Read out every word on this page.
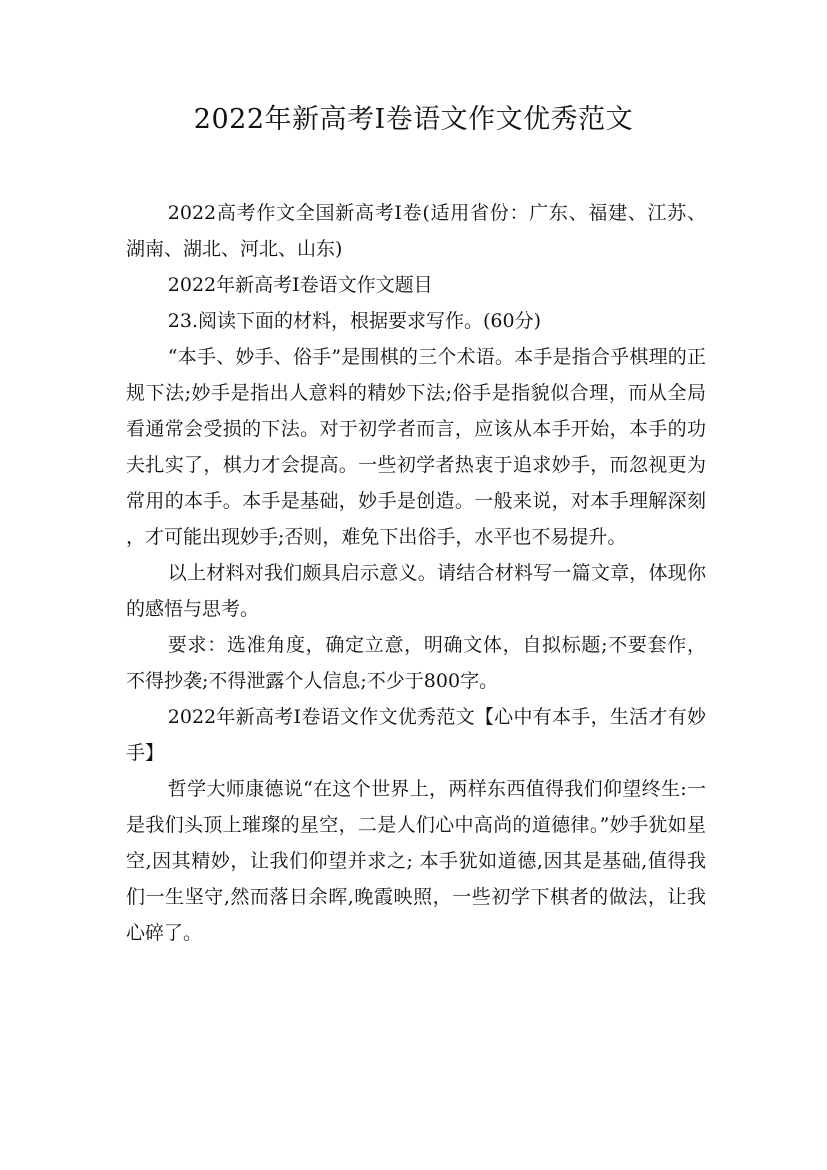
2022年新高考I卷语文作文优秀范文

2022高考作文全国新高考I卷(适用省份：广东、福建、江苏、湖南、湖北、河北、山东)

2022年新高考I卷语文作文题目

23.阅读下面的材料，根据要求写作。(60分)

“本手、妙手、俗手”是围棋的三个术语。本手是指合乎棋理的正规下法;妙手是指出人意料的精妙下法;俗手是指貌似合理，而从全局看通常会受损的下法。对于初学者而言，应该从本手开始，本手的功夫扎实了，棋力才会提高。一些初学者热衷于追求妙手，而忽视更为常用的本手。本手是基础，妙手是创造。一般来说，对本手理解深刻，才可能出现妙手;否则，难免下出俗手，水平也不易提升。

以上材料对我们颇具启示意义。请结合材料写一篇文章，体现你的感悟与思考。

要求：选准角度，确定立意，明确文体，自拟标题;不要套作，不得抄袭;不得泄露个人信息;不少于800字。

2022年新高考I卷语文作文优秀范文【心中有本手，生活才有妙手】

哲学大师康德说“在这个世界上，两样东西值得我们仰望终生:一是我们头顶上璀璨的星空，二是人们心中高尚的道德律。”妙手犹如星空,因其精妙，让我们仰望并求之; 本手犹如道德,因其是基础,值得我们一生坚守,然而落日余晖,晚霞映照，一些初学下棋者的做法，让我心碎了。
